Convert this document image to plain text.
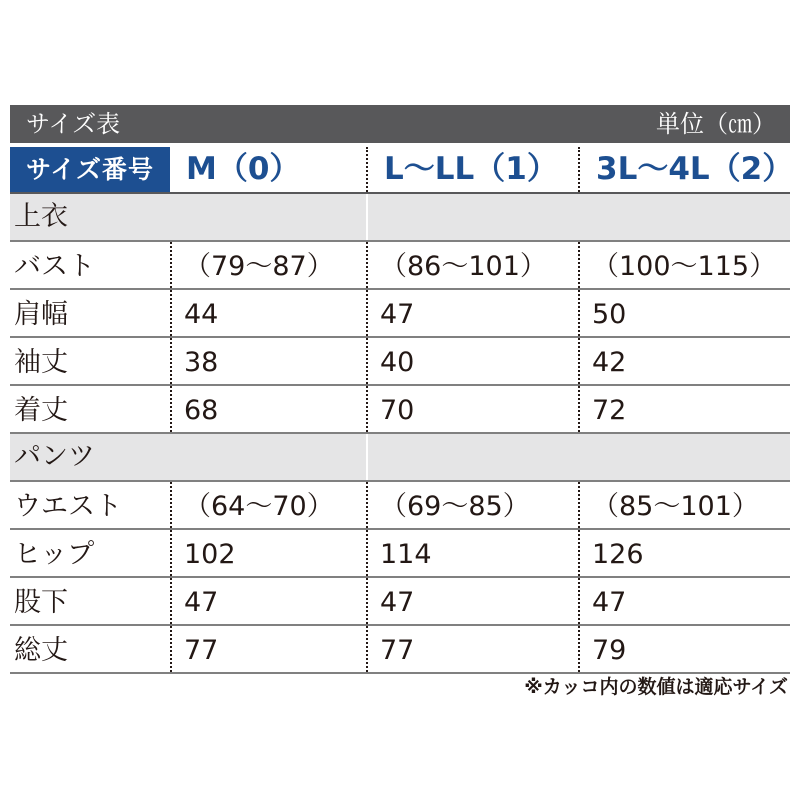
サイズ表	単位（㎝）
サイズ番号	M（0）	L〜LL（1）	3L〜4L（2）
上衣
バスト	（79〜87）	（86〜101）	（100〜115）
肩幅	44	47	50
袖丈	38	40	42
着丈	68	70	72
パンツ
ウエスト	（64〜70）	（69〜85）	（85〜101）
ヒップ	102	114	126
股下	47	47	47
総丈	77	77	79
※カッコ内の数値は適応サイズ
